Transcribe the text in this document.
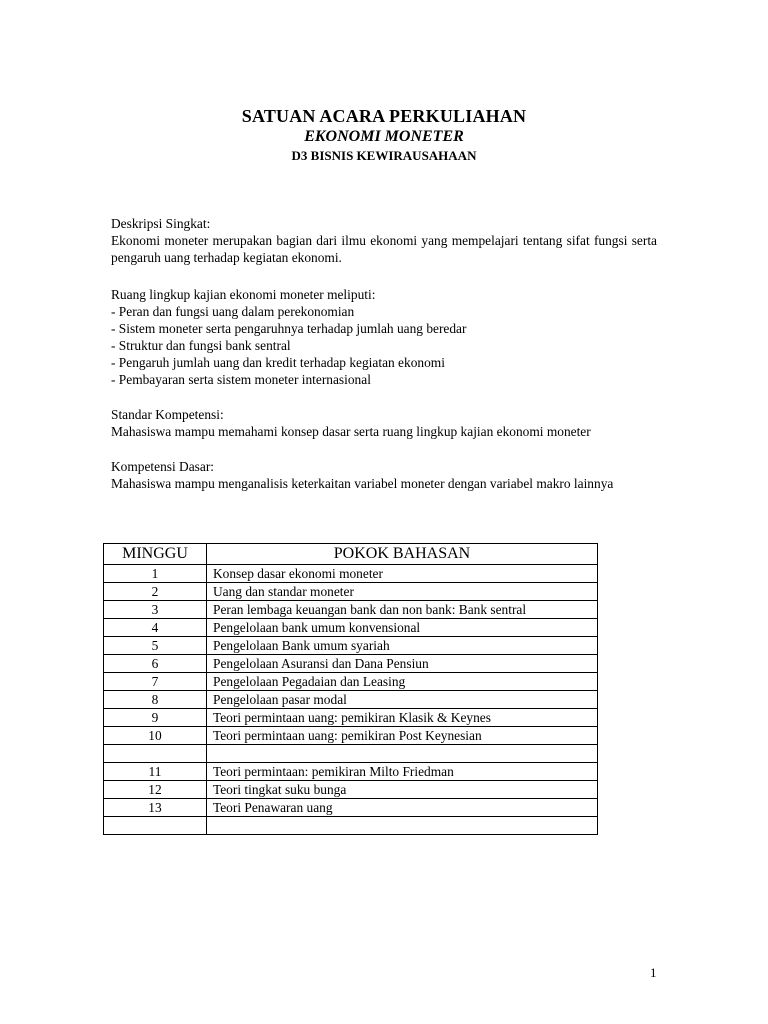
SATUAN ACARA PERKULIAHAN
EKONOMI MONETER
D3 BISNIS KEWIRAUSAHAAN
Deskripsi Singkat:
Ekonomi moneter merupakan bagian dari ilmu ekonomi yang mempelajari tentang sifat fungsi serta pengaruh uang terhadap kegiatan ekonomi.
Ruang lingkup kajian ekonomi moneter meliputi:
- Peran dan fungsi uang dalam perekonomian
- Sistem moneter serta pengaruhnya terhadap jumlah uang beredar
- Struktur dan fungsi bank sentral
- Pengaruh jumlah uang dan kredit terhadap kegiatan ekonomi
- Pembayaran serta sistem moneter internasional
Standar Kompetensi:
Mahasiswa mampu memahami konsep dasar serta ruang lingkup kajian ekonomi moneter
Kompetensi Dasar:
Mahasiswa mampu menganalisis keterkaitan variabel moneter dengan variabel makro lainnya
MINGGU	POKOK BAHASAN
1	Konsep dasar ekonomi moneter
2	Uang dan standar moneter
3	Peran lembaga keuangan bank dan non bank: Bank sentral
4	Pengelolaan bank umum konvensional
5	Pengelolaan Bank umum syariah
6	Pengelolaan Asuransi dan Dana Pensiun
7	Pengelolaan Pegadaian dan Leasing
8	Pengelolaan pasar modal
9	Teori permintaan uang: pemikiran Klasik & Keynes
10	Teori permintaan uang: pemikiran Post Keynesian

11	Teori permintaan: pemikiran Milto Friedman
12	Teori tingkat suku bunga
13	Teori Penawaran uang

1
